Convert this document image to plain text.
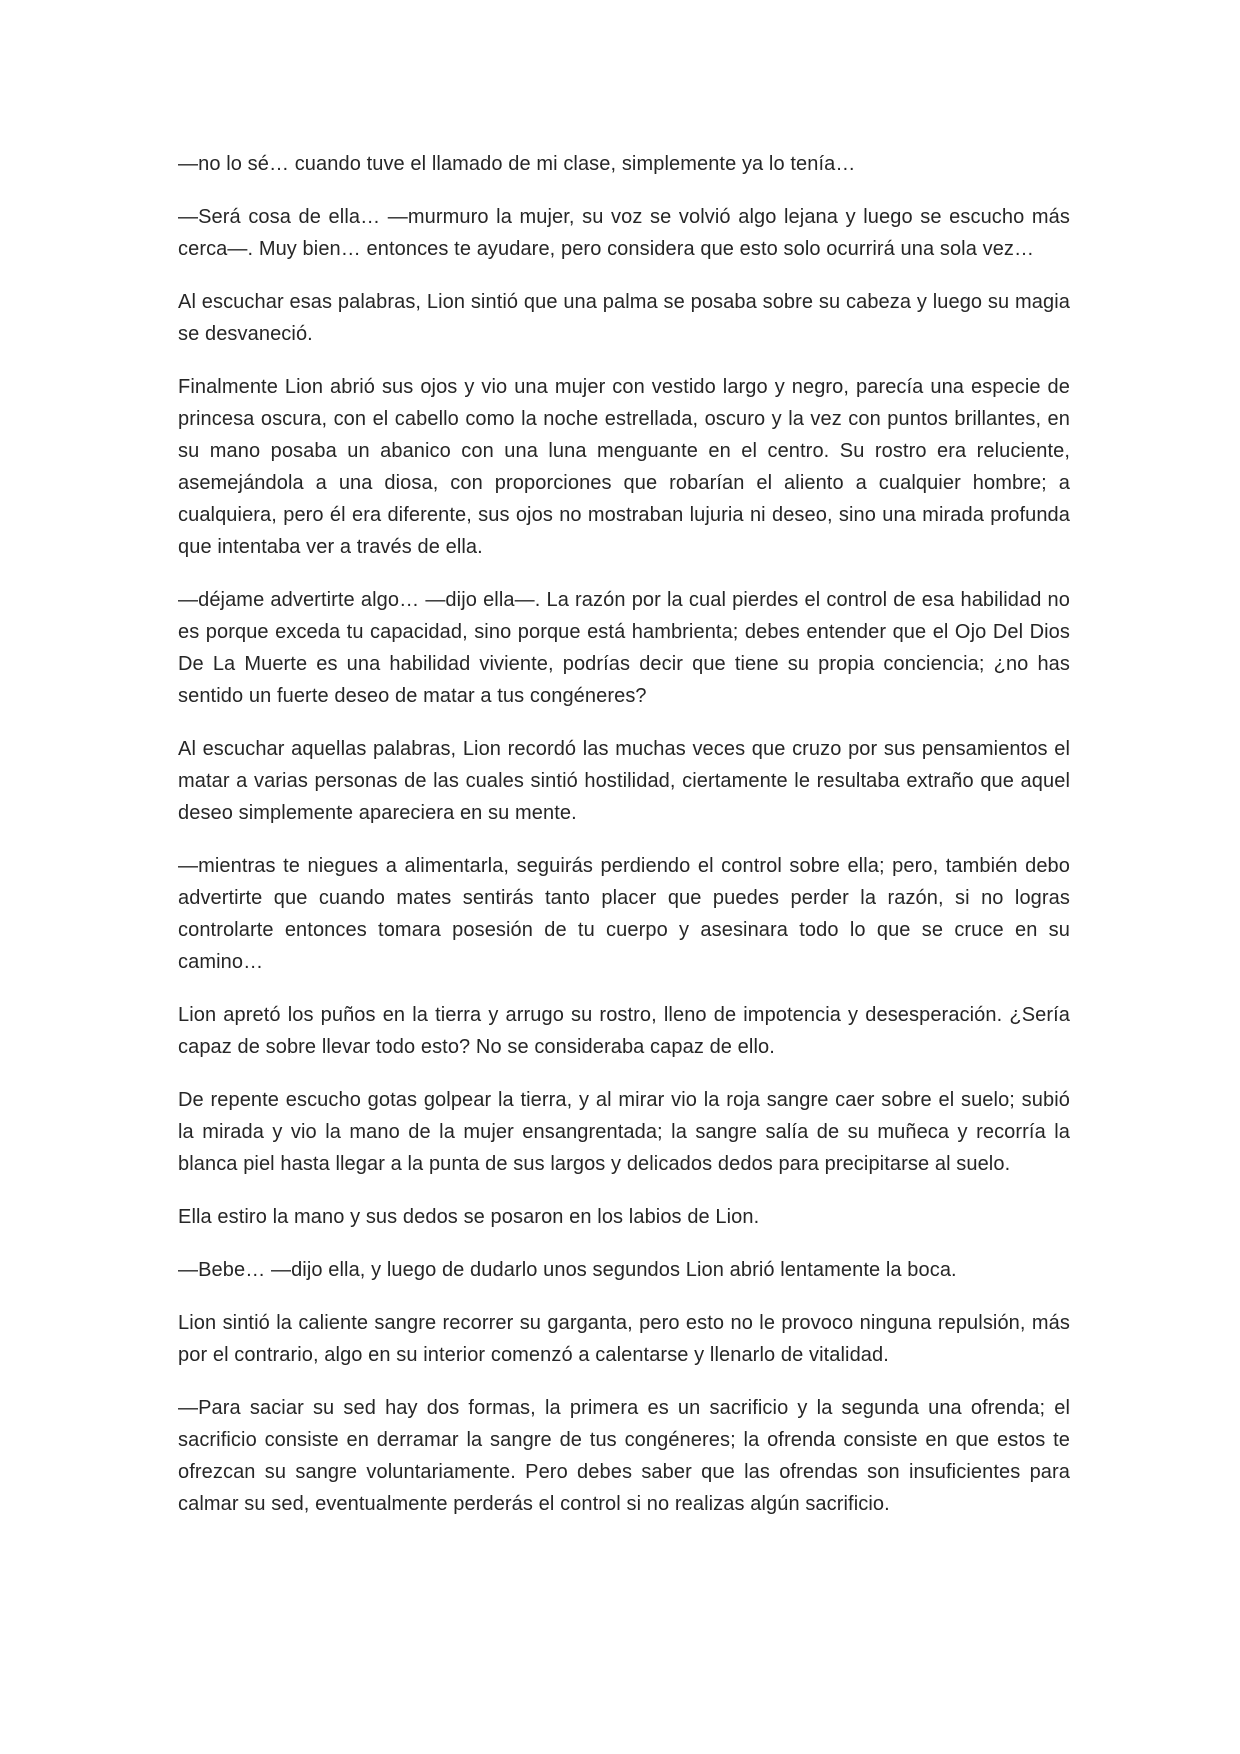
—no lo sé… cuando tuve el llamado de mi clase, simplemente ya lo tenía…

—Será cosa de ella… —murmuro la mujer, su voz se volvió algo lejana y luego se escucho más cerca—. Muy bien… entonces te ayudare, pero considera que esto solo ocurrirá una sola vez…

Al escuchar esas palabras, Lion sintió que una palma se posaba sobre su cabeza y luego su magia se desvaneció.

Finalmente Lion abrió sus ojos y vio una mujer con vestido largo y negro, parecía una especie de princesa oscura, con el cabello como la noche estrellada, oscuro y la vez con puntos brillantes, en su mano posaba un abanico con una luna menguante en el centro. Su rostro era reluciente, asemejándola a una diosa, con proporciones que robarían el aliento a cualquier hombre; a cualquiera, pero él era diferente, sus ojos no mostraban lujuria ni deseo, sino una mirada profunda que intentaba ver a través de ella.

—déjame advertirte algo… —dijo ella—. La razón por la cual pierdes el control de esa habilidad no es porque exceda tu capacidad, sino porque está hambrienta; debes entender que el Ojo Del Dios De La Muerte es una habilidad viviente, podrías decir que tiene su propia conciencia; ¿no has sentido un fuerte deseo de matar a tus congéneres?

Al escuchar aquellas palabras, Lion recordó las muchas veces que cruzo por sus pensamientos el matar a varias personas de las cuales sintió hostilidad, ciertamente le resultaba extraño que aquel deseo simplemente apareciera en su mente.

—mientras te niegues a alimentarla, seguirás perdiendo el control sobre ella; pero, también debo advertirte que cuando mates sentirás tanto placer que puedes perder la razón, si no logras controlarte entonces tomara posesión de tu cuerpo y asesinara todo lo que se cruce en su camino…

Lion apretó los puños en la tierra y arrugo su rostro, lleno de impotencia y desesperación. ¿Sería capaz de sobre llevar todo esto? No se consideraba capaz de ello.

De repente escucho gotas golpear la tierra, y al mirar vio la roja sangre caer sobre el suelo; subió la mirada y vio la mano de la mujer ensangrentada; la sangre salía de su muñeca y recorría la blanca piel hasta llegar a la punta de sus largos y delicados dedos para precipitarse al suelo.

Ella estiro la mano y sus dedos se posaron en los labios de Lion.

—Bebe… —dijo ella, y luego de dudarlo unos segundos Lion abrió lentamente la boca.

Lion sintió la caliente sangre recorrer su garganta, pero esto no le provoco ninguna repulsión, más por el contrario, algo en su interior comenzó a calentarse y llenarlo de vitalidad.

—Para saciar su sed hay dos formas, la primera es un sacrificio y la segunda una ofrenda; el sacrificio consiste en derramar la sangre de tus congéneres; la ofrenda consiste en que estos te ofrezcan su sangre voluntariamente. Pero debes saber que las ofrendas son insuficientes para calmar su sed, eventualmente perderás el control si no realizas algún sacrificio.
